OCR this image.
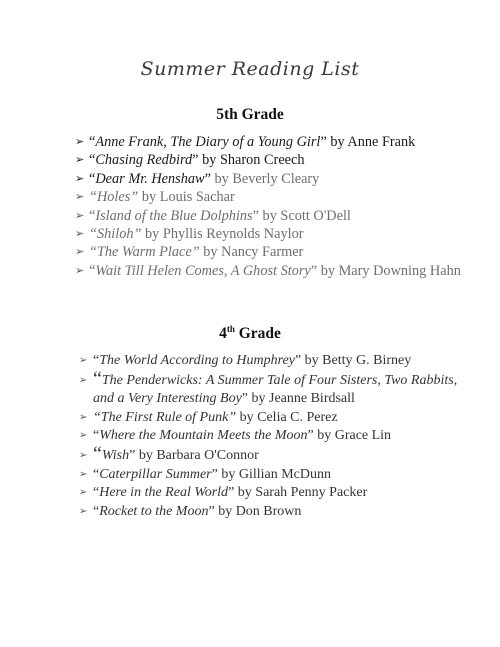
Summer Reading List
5th Grade
➢ “Anne Frank, The Diary of a Young Girl” by Anne Frank
➢ “Chasing Redbird” by Sharon Creech
➢ “Dear Mr. Henshaw” by Beverly Cleary
➢ “Holes” by Louis Sachar
➢ “Island of the Blue Dolphins” by Scott O'Dell
➢ “Shiloh” by Phyllis Reynolds Naylor
➢ “The Warm Place” by Nancy Farmer
➢ “Wait Till Helen Comes, A Ghost Story” by Mary Downing Hahn
4th Grade
➢ “The World According to Humphrey” by Betty G. Birney
➢ “The Penderwicks: A Summer Tale of Four Sisters, Two Rabbits, and a Very Interesting Boy” by Jeanne Birdsall
➢ “The First Rule of Punk” by Celia C. Perez
➢ “Where the Mountain Meets the Moon” by Grace Lin
➢ “Wish” by Barbara O'Connor
➢ “Caterpillar Summer” by Gillian McDunn
➢ “Here in the Real World” by Sarah Penny Packer
➢ “Rocket to the Moon” by Don Brown
